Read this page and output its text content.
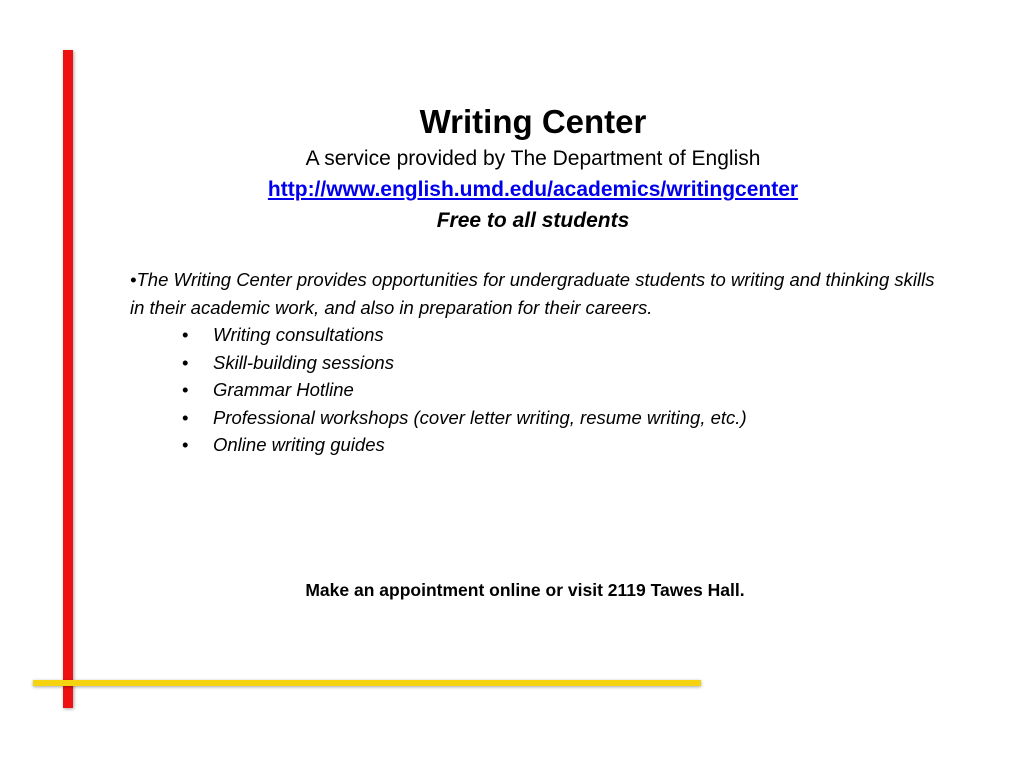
Writing Center
A service provided by The Department of English
http://www.english.umd.edu/academics/writingcenter
Free to all students

•The Writing Center provides opportunities for undergraduate students to writing and thinking skills in their academic work, and also in preparation for their careers.

• Writing consultations
• Skill-building sessions
• Grammar Hotline
• Professional workshops (cover letter writing, resume writing, etc.)
• Online writing guides
Make an appointment online or visit 2119 Tawes Hall.
